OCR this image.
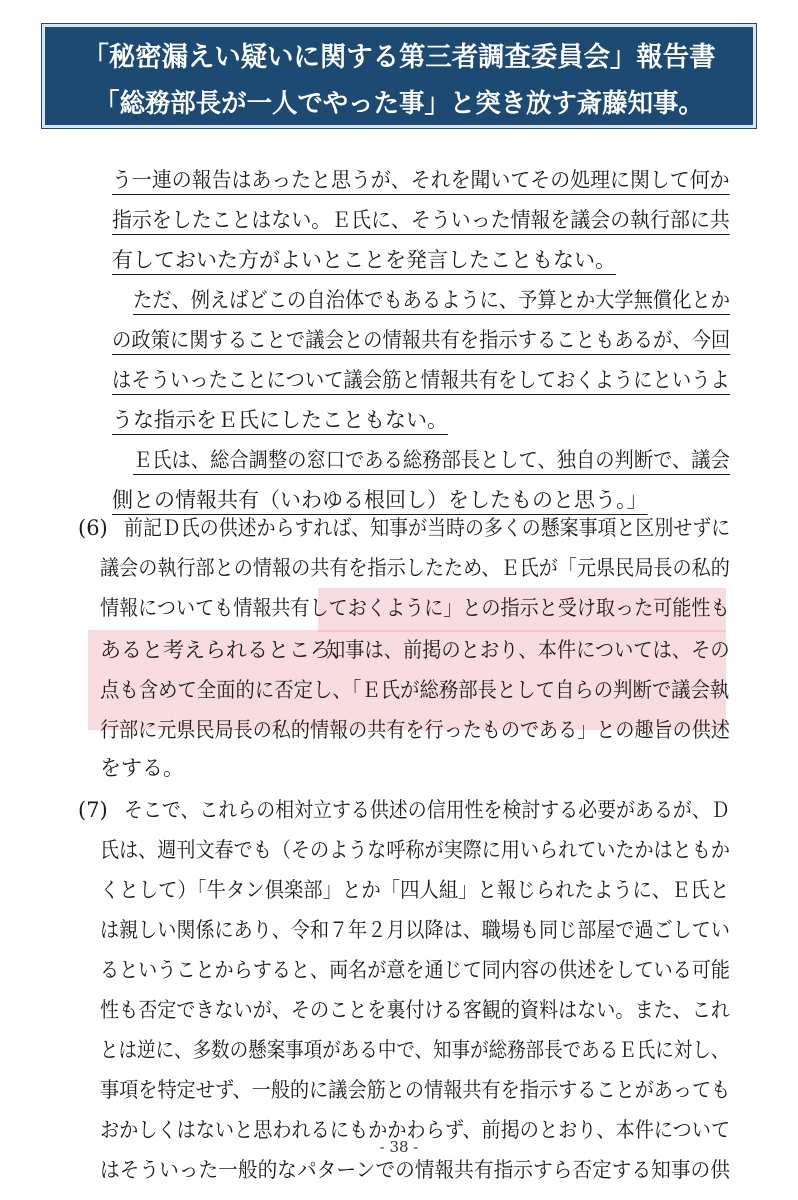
「秘密漏えい疑いに関する第三者調査委員会」報告書
「総務部長が一人でやった事」と突き放す斎藤知事。
う一連の報告はあったと思うが、それを聞いてその処理に関して何か
指示をしたことはない。Ｅ氏に、そういった情報を議会の執行部に共
有しておいた方がよいとことを発言したこともない。
ただ、例えばどこの自治体でもあるように、予算とか大学無償化とか
の政策に関することで議会との情報共有を指示することもあるが、今回
はそういったことについて議会筋と情報共有をしておくようにというよ
うな指示をＥ氏にしたこともない。
Ｅ氏は、総合調整の窓口である総務部長として、独自の判断で、議会
側との情報共有（いわゆる根回し）をしたものと思う。」
(6) 前記Ｄ氏の供述からすれば、知事が当時の多くの懸案事項と区別せずに
議会の執行部との情報の共有を指示したため、Ｅ氏が「元県民局長の私的
情報についても情報共有しておくように」との指示と受け取った可能性も
あると考えられるところ、
知事は、前掲のとおり、本件については、その
点も含めて全面的に否定し、「Ｅ氏が総務部長として自らの判断で議会執
行部に元県民局長の私的情報の共有を行ったものである」との趣旨の供述
をする。
(7) そこで、これらの相対立する供述の信用性を検討する必要があるが、Ｄ
氏は、週刊文春でも（そのような呼称が実際に用いられていたかはともか
くとして）「牛タン倶楽部」とか「四人組」と報じられたように、Ｅ氏と
は親しい関係にあり、令和７年２月以降は、職場も同じ部屋で過ごしてい
るということからすると、両名が意を通じて同内容の供述をしている可能
性も否定できないが、そのことを裏付ける客観的資料はない。また、これ
とは逆に、多数の懸案事項がある中で、知事が総務部長であるＥ氏に対し、
事項を特定せず、一般的に議会筋との情報共有を指示することがあっても
おかしくはないと思われるにもかかわらず、前掲のとおり、本件について
はそういった一般的なパターンでの情報共有指示すら否定する知事の供
- 38 -
